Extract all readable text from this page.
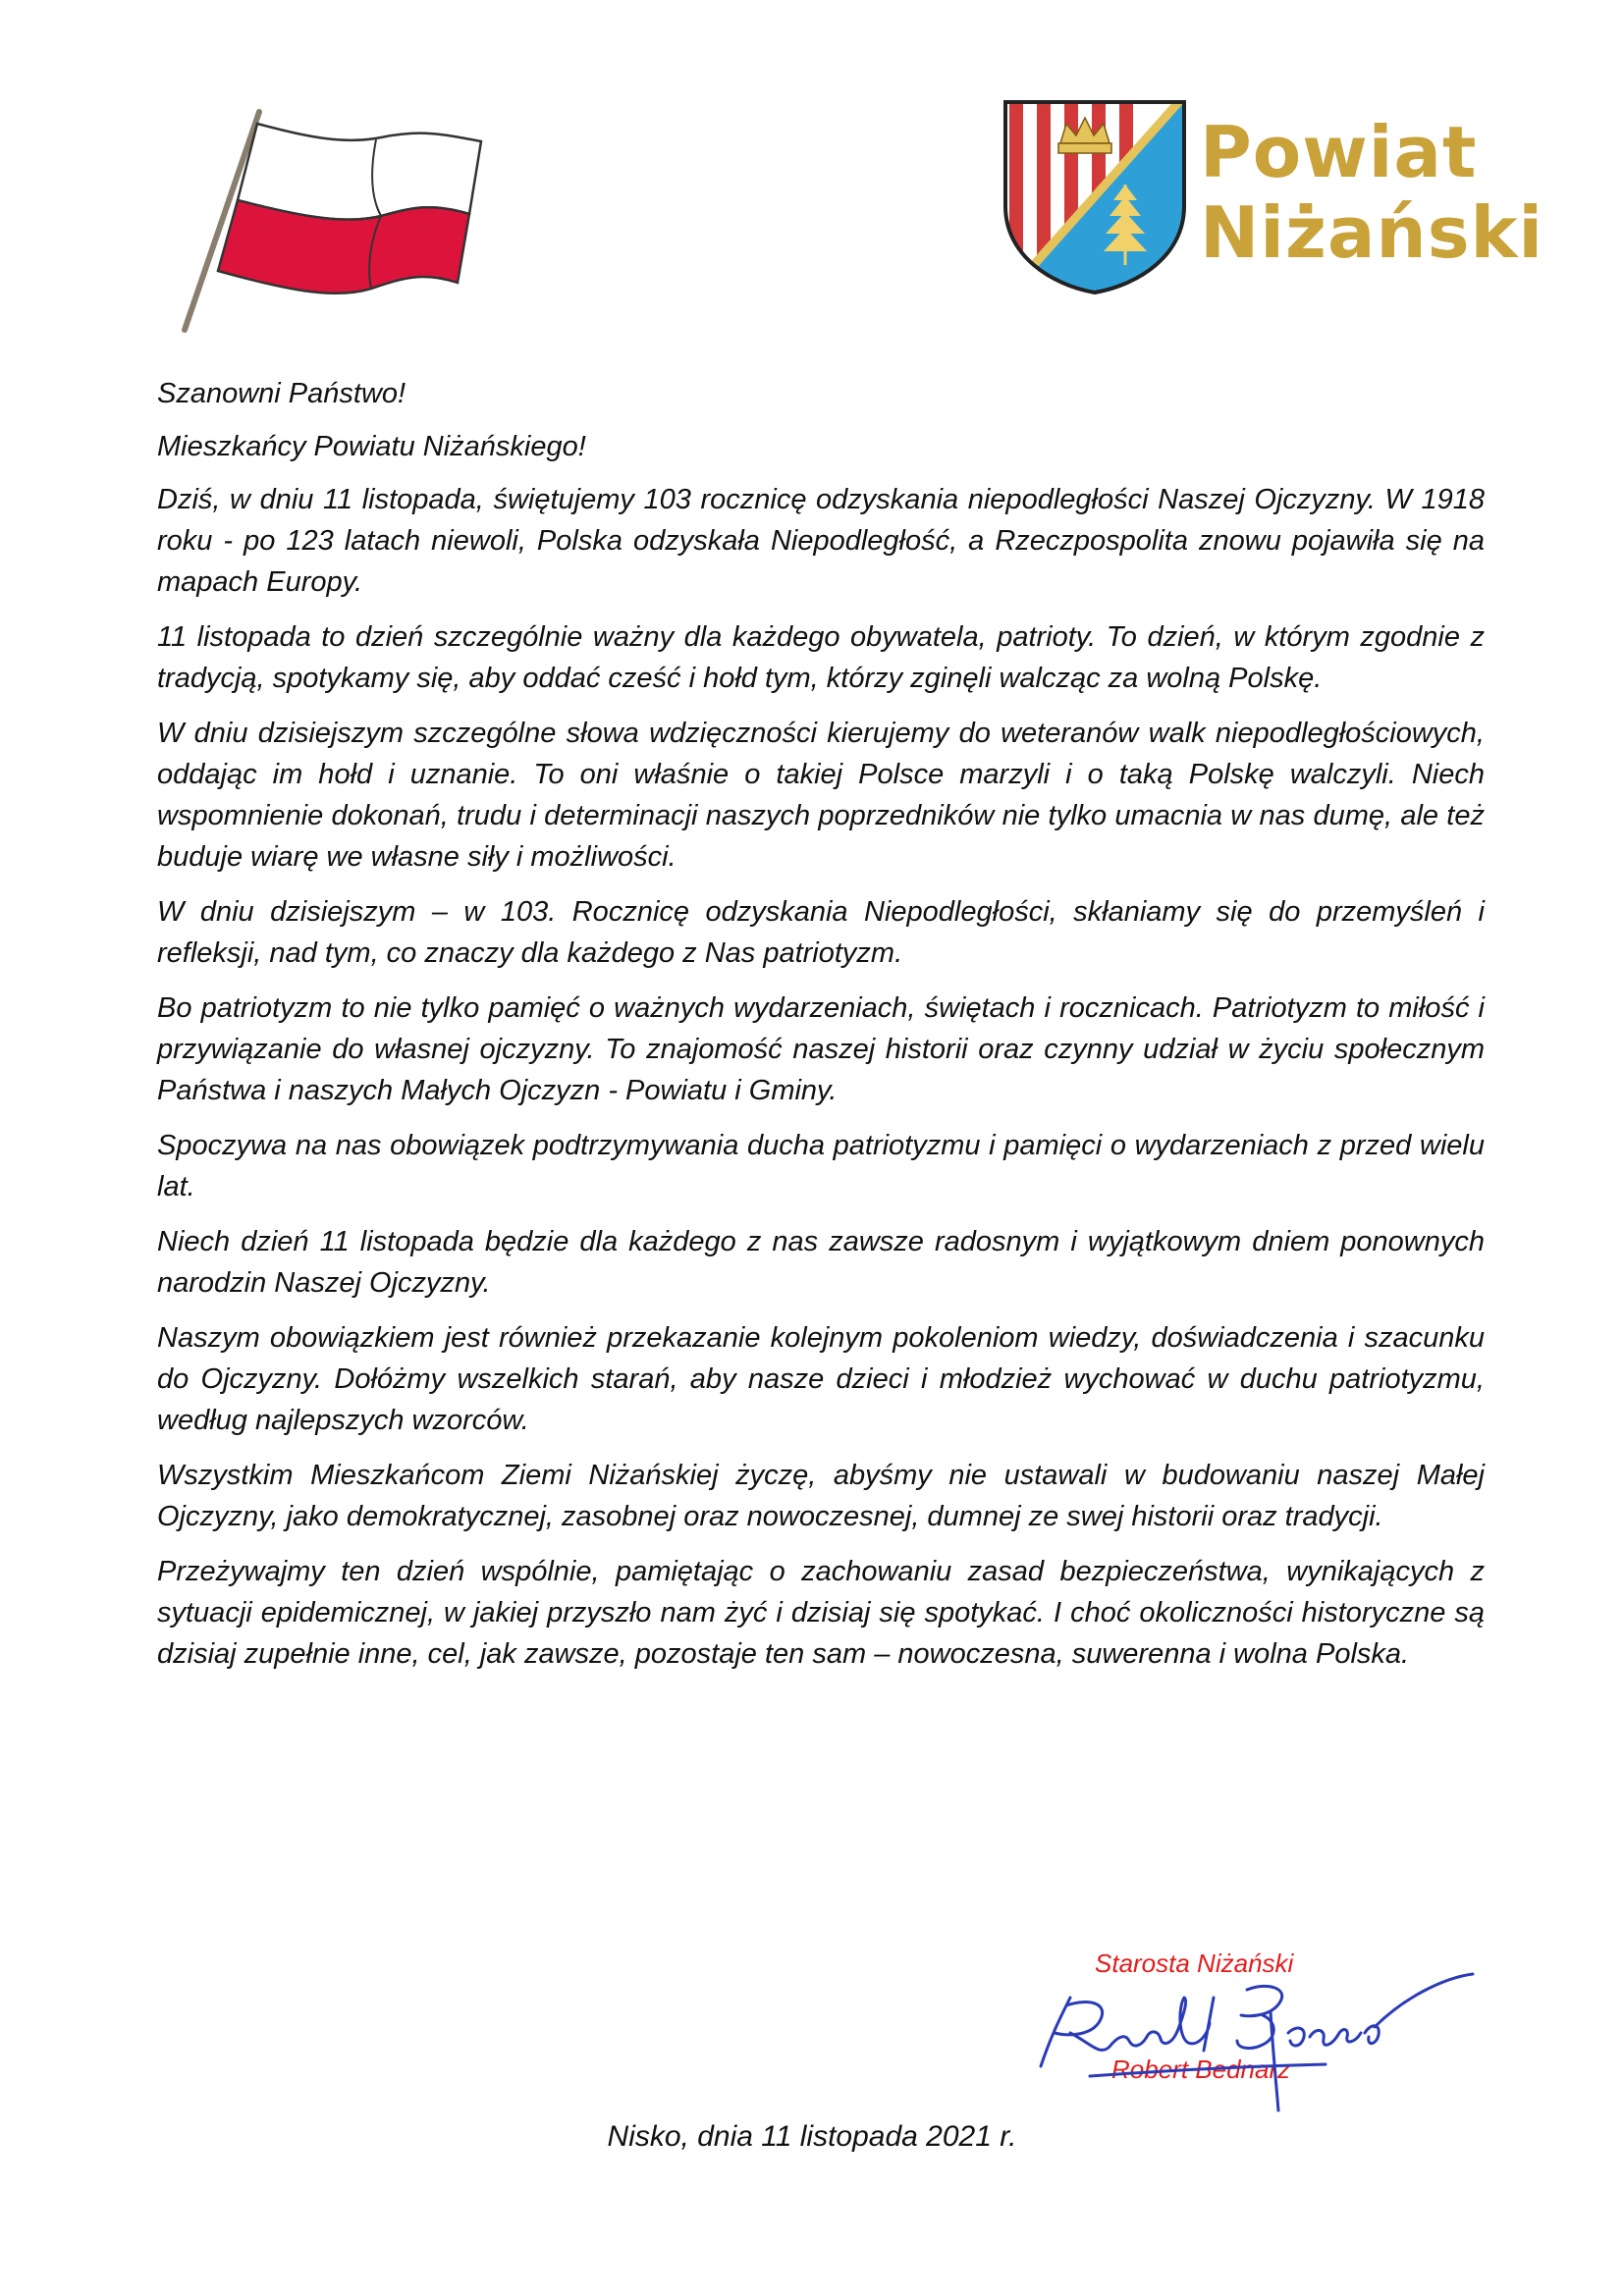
Powiat
Niżański

Szanowni Państwo!

Mieszkańcy Powiatu Niżańskiego!

Dziś, w dniu 11 listopada, świętujemy 103 rocznicę odzyskania niepodległości Naszej Ojczyzny. W 1918 roku - po 123 latach niewoli, Polska odzyskała Niepodległość, a Rzeczpospolita znowu pojawiła się na mapach Europy.

11 listopada to dzień szczególnie ważny dla każdego obywatela, patrioty. To dzień, w którym zgodnie z tradycją, spotykamy się, aby oddać cześć i hołd tym, którzy zginęli walcząc za wolną Polskę.

W dniu dzisiejszym szczególne słowa wdzięczności kierujemy do weteranów walk niepodległościowych, oddając im hołd i uznanie. To oni właśnie o takiej Polsce marzyli i o taką Polskę walczyli. Niech wspomnienie dokonań, trudu i determinacji naszych poprzedników nie tylko umacnia w nas dumę, ale też buduje wiarę we własne siły i możliwości.

W dniu dzisiejszym – w 103. Rocznicę odzyskania Niepodległości, skłaniamy się do przemyśleń i refleksji, nad tym, co znaczy dla każdego z Nas patriotyzm.

Bo patriotyzm to nie tylko pamięć o ważnych wydarzeniach, świętach i rocznicach. Patriotyzm to miłość i przywiązanie do własnej ojczyzny. To znajomość naszej historii oraz czynny udział w życiu społecznym Państwa i naszych Małych Ojczyzn - Powiatu i Gminy.

Spoczywa na nas obowiązek podtrzymywania ducha patriotyzmu i pamięci o wydarzeniach z przed wielu lat.

Niech dzień 11 listopada będzie dla każdego z nas zawsze radosnym i wyjątkowym dniem ponownych narodzin Naszej Ojczyzny.

Naszym obowiązkiem jest również przekazanie kolejnym pokoleniom wiedzy, doświadczenia i szacunku do Ojczyzny. Dołóżmy wszelkich starań, aby nasze dzieci i młodzież wychować w duchu patriotyzmu, według najlepszych wzorców.

Wszystkim Mieszkańcom Ziemi Niżańskiej życzę, abyśmy nie ustawali w budowaniu naszej Małej Ojczyzny, jako demokratycznej, zasobnej oraz nowoczesnej, dumnej ze swej historii oraz tradycji.

Przeżywajmy ten dzień wspólnie, pamiętając o zachowaniu zasad bezpieczeństwa, wynikających z sytuacji epidemicznej, w jakiej przyszło nam żyć i dzisiaj się spotykać. I choć okoliczności historyczne są dzisiaj zupełnie inne, cel, jak zawsze, pozostaje ten sam – nowoczesna, suwerenna i wolna Polska.

Starosta Niżański
Robert Bednarz
Nisko, dnia 11 listopada 2021 r.
